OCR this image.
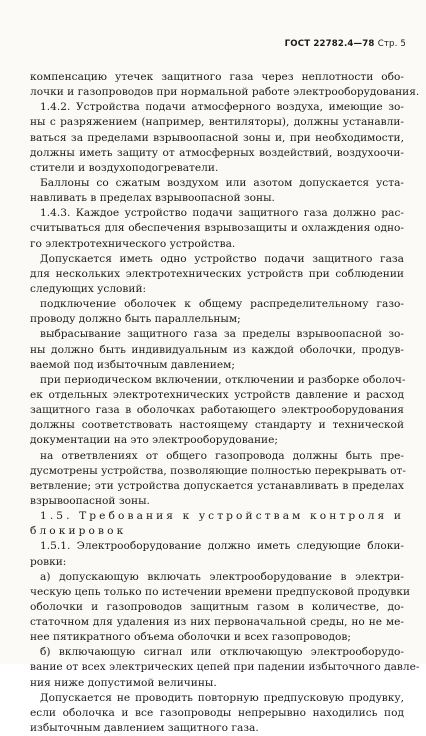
ГОСТ 22782.4—78 Стр. 5
компенсацию утечек защитного газа через неплотности обо-
лочки и газопроводов при нормальной работе электрооборудования.
1.4.2. Устройства подачи атмосферного воздуха, имеющие зо-
ны с разряжением (например, вентиляторы), должны устанавли-
ваться за пределами взрывоопасной зоны и, при необходимости,
должны иметь защиту от атмосферных воздействий, воздухоочи-
стители и воздухоподогреватели.
Баллоны со сжатым воздухом или азотом допускается уста-
навливать в пределах взрывоопасной зоны.
1.4.3. Каждое устройство подачи защитного газа должно рас-
считываться для обеспечения взрывозащиты и охлаждения одно-
го электротехнического устройства.
Допускается иметь одно устройство подачи защитного газа
для нескольких электротехнических устройств при соблюдении
следующих условий:
подключение оболочек к общему распределительному газо-
проводу должно быть параллельным;
выбрасывание защитного газа за пределы взрывоопасной зо-
ны должно быть индивидуальным из каждой оболочки, продув-
ваемой под избыточным давлением;
при периодическом включении, отключении и разборке оболоч-
ек отдельных электротехнических устройств давление и расход
защитного газа в оболочках работающего электрооборудования
должны соответствовать настоящему стандарту и технической
документации на это электрооборудование;
на ответвлениях от общего газопровода должны быть пре-
дусмотрены устройства, позволяющие полностью перекрывать от-
ветвление; эти устройства допускается устанавливать в пределах
взрывоопасной зоны.
1.5. Требования к устройствам контроля и
блокировок
1.5.1. Электрооборудование должно иметь следующие блоки-
ровки:
а) допускающую включать электрооборудование в электри-
ческую цепь только по истечении времени предпусковой продувки
оболочки и газопроводов защитным газом в количестве, до-
статочном для удаления из них первоначальной среды, но не ме-
нее пятикратного объема оболочки и всех газопроводов;
б) включающую сигнал или отключающую электрооборудо-
вание от всех электрических цепей при падении избыточного давле-
ния ниже допустимой величины.
Допускается не проводить повторную предпусковую продувку,
если оболочка и все газопроводы непрерывно находились под
избыточным давлением защитного газа.
